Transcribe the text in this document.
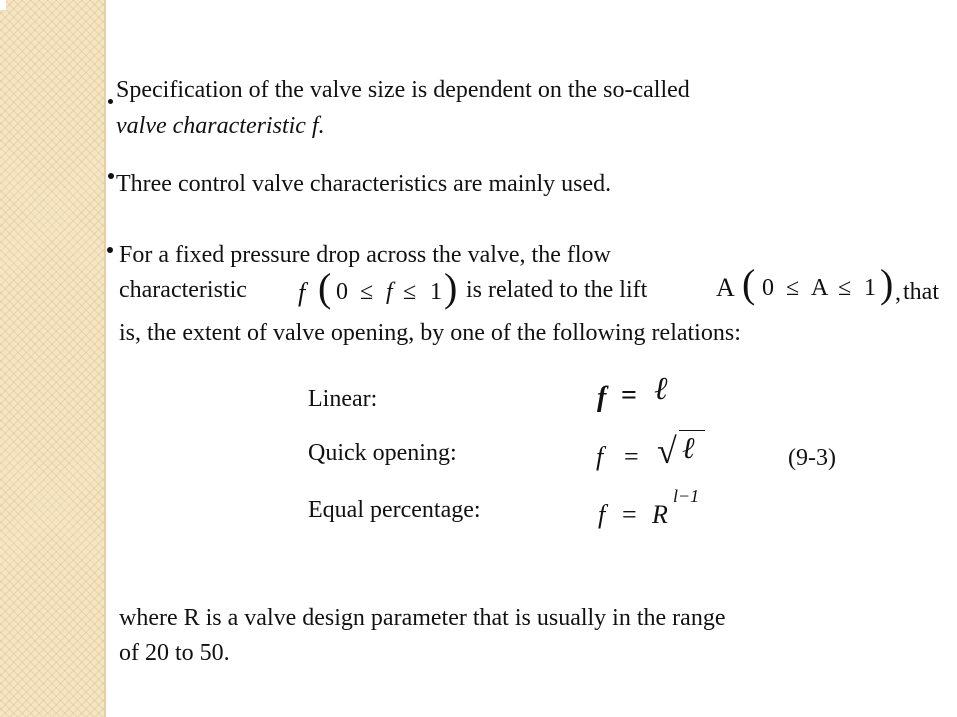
Specification of the valve size is dependent on the so-called
valve characteristic f.
Three control valve characteristics are mainly used.
For a fixed pressure drop across the valve, the flow
characteristic f ( 0 ≤ f ≤ 1 ) is related to the lift	A ( 0 ≤ A ≤ 1 ) , that
is, the extent of valve opening, by one of the following relations:
Linear:	f = ℓ
Quick opening:	f = √ ℓ	(9-3)
Equal percentage:	f = R
l−1
where R is a valve design parameter that is usually in the range
of 20 to 50.
